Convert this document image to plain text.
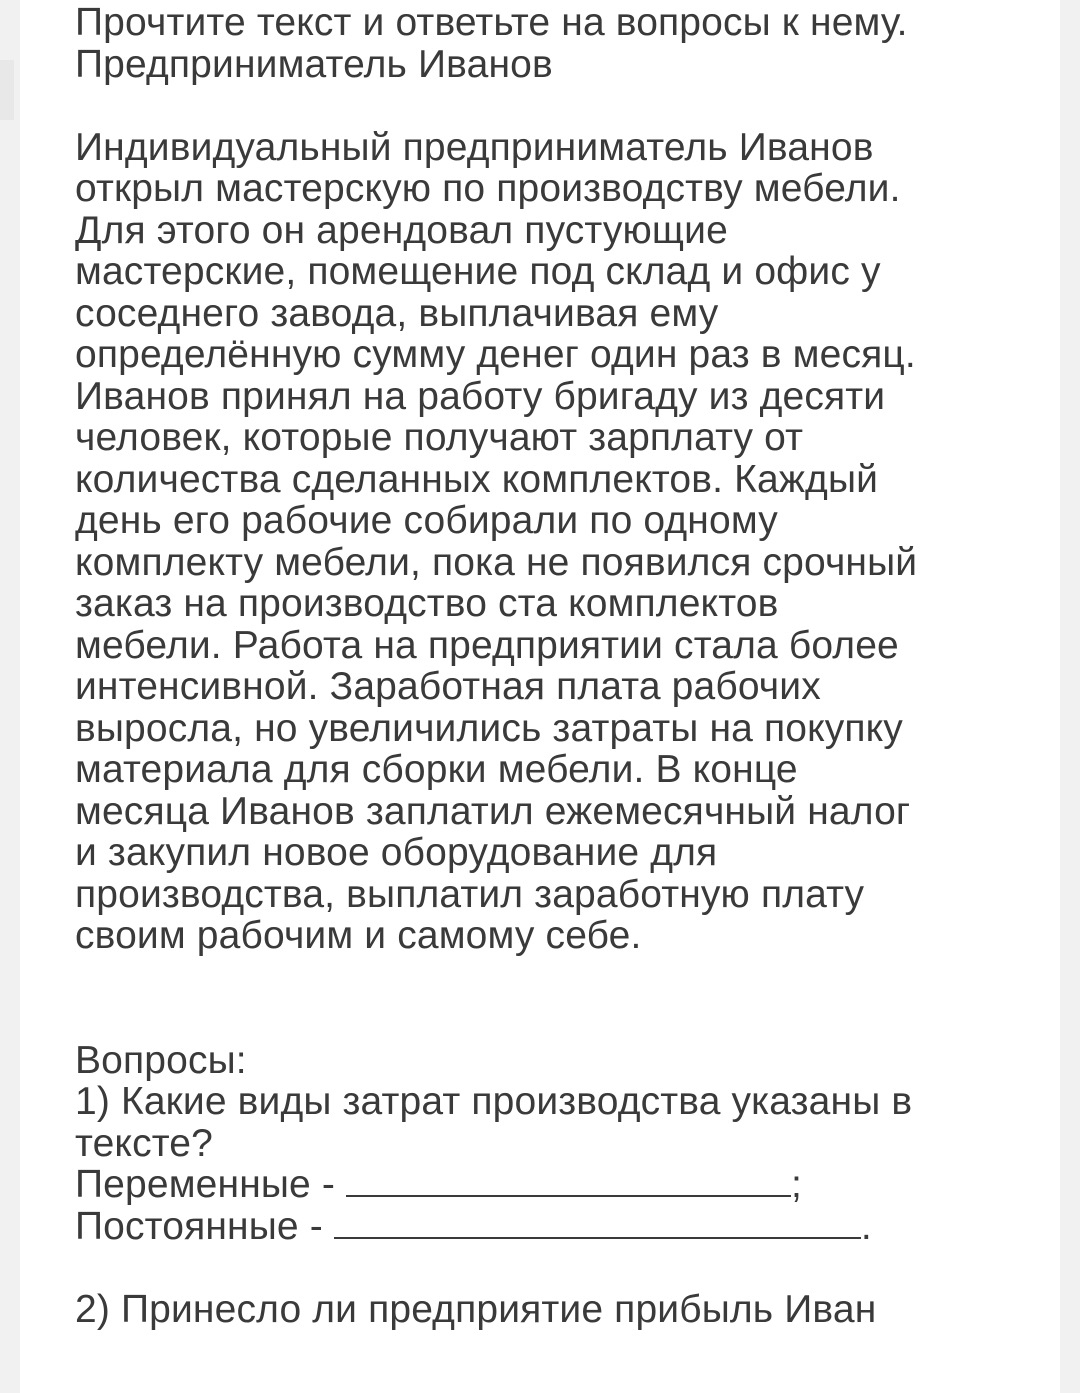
Прочтите текст и ответьте на вопросы к нему.
Предприниматель Иванов
Индивидуальный предприниматель Иванов
открыл мастерскую по производству мебели.
Для этого он арендовал пустующие
мастерские, помещение под склад и офис у
соседнего завода, выплачивая ему
определённую сумму денег один раз в месяц.
Иванов принял на работу бригаду из десяти
человек, которые получают зарплату от
количества сделанных комплектов. Каждый
день его рабочие собирали по одному
комплекту мебели, пока не появился срочный
заказ на производство ста комплектов
мебели. Работа на предприятии стала более
интенсивной. Заработная плата рабочих
выросла, но увеличились затраты на покупку
материала для сборки мебели. В конце
месяца Иванов заплатил ежемесячный налог
и закупил новое оборудование для
производства, выплатил заработную плату
своим рабочим и самому себе.
Вопросы:
1) Какие виды затрат производства указаны в
тексте?
Переменные -	;
Постоянные -	.
2) Принесло ли предприятие прибыль Иван
